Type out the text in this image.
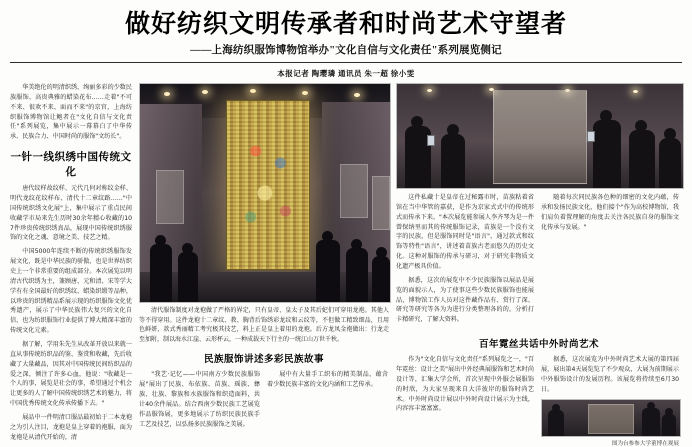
做好纺织文明传承者和时尚艺术守望者
——上海纺织服饰博物馆举办"文化自信与文化责任"系列展览侧记
本报记者 陶璎璘 通讯员 朱一超 徐小雯

华美绝伦的明清织绣、绚丽多彩的少数民族服饰、高贵典雅的蜡染花布……走着"不可不来、很欢不来、面而不来"的京官，上海纺织服饰博物馆让鲍者在"文化自信与文化责任"系列展览，集中展示一幕幕白了中华传承、民族合力、中国时尚的服饰"文纺长"。

一针一线织绣中国传统文化

唐代纹样故纹样、元代几何对称纹金样、明代龙纹花纹样布、清代十二章纹路……"中国传统织绣文化展"上，集中展示了重点民间收藏学市局来先生历时30余年精心收藏的107件珍贵传统织绣真品，展现中国传统织绣服饰的文化之魂、意境之美、技艺之精。

中国5000年连续不断的传统织绣服饰发展文化，既是中华民族的骄傲，也是世界纺织史上一个非常重要的组成部分。本次展览以明清古代织绣为主，兼顾唐、元和清、宋等学大学有有全国最好的织绣纹、蜡染织缎等品种，以珍贵的织绣精品系展示现的纺织服饰文化优秀遗产，展示了中华民族伟大复兴的文化自信，也为纺织服饰行业提供了博大精深丰富的传统文化元素。

据了解，学用朱先生从改革开放以来就一直从事传统纺织品的鉴、鉴赏和收藏，先后收藏了大量藏品，因其对中国传统民间纺织品的爱之深，倾注了许多心血，他说："收藏是一个人的事，展览是社会的事，希望通过个机会让更多的人了解中国传统织绣艺术的魅力，将中国优秀传统文化传承传播下去。"

展品中一件明清口服品最初始于二本龙袍之为引人注目，龙袍是皇上穿着的袍服，面为龙袍是从清代开始的，清

清代服饰制度对龙袍做了严格的界定，只有皇帝、皇太子及其后妃们可穿用龙袍。其他人等不得穿用。这件龙袍十二章纹、教、胸背后饰绣彩龙纹和云纹等，不但做工精致细品，且用色鲜妍、款式秀丽精工考究极其技艺，料上正是皇上着用的龙袍。后方龙凤金袍做出：行龙走至加附，制以海水江崖、云形杯云，一种成载天下行主的一统江山万世千秋。

民族服饰讲述多彩民族故事

"我艺·记忆——中国南方少数民族服饰展"展出了民族、布依族、苗族、瑶族、彝族、壮族、黎族和水族服饰和织造面料，共计40余件展品。结合西南少数民族工艺展览作品服饰展，更多地展示了纺织民族民族手工艺及技艺，以弘扬多民族服饰之美展。

展中有大量手工织布的精美制品，蕴含着少数民族丰富的文化内涵和工艺传承。

这件私藏十是皇帝在过秘露市时，苗族粘着省馆在当中华管的嘉获，是作为京家式式中的传统形式而传承下来。"本次展览能参展人李齐琴为是一件曾保纳里而其的传统服饰记录，苗族是一个没有文字的民族，但是服饰同时是"语言"，通过款式和纹饰等特性"语言"，讲述着苗族古老而悠久的历史文化。这种对服饰的传承与研习，对于研究非物质文化遗产极具价值。

据悉，这次的展览中不少民族服饰以展品是展览的面貌示人，为了使事这些少数民族服饰也能展品，博物馆工作人员对这件藏作品有、赏行了深、研究等研究等各为为进行分类整理各的的，分析打卡精研究，了解大资料。

随着每次同民族各色种的细密的文化内蕴，传承和发扬民族文化，他们接个"作为高校博物馆，我们肩负着置理解的角度去关注各民族自身的服饰文化传承与发展。"

百年霓丝共话中外时尚艺术

作为"文化自信与文化责任"系列展览之一，"百年霓丝：设计之美"展出中外经典展服饰和艺术时尚设计等，汇集大学会所，首次呈现中外服会展服饰的时欣，为大家呈现来自大洋彼岸的服饰时尚艺术。中外时尚设计展以中外时尚设计展示为主线，内容容丰富富富。

据悉，这次展览为中外时尚艺术大展的第四届展，展出第4天展览览了不少观众，大展为前期展示中外服饰设计的发展历程。该展览将持续至6月30日。

图为台参参大学董博在观展
